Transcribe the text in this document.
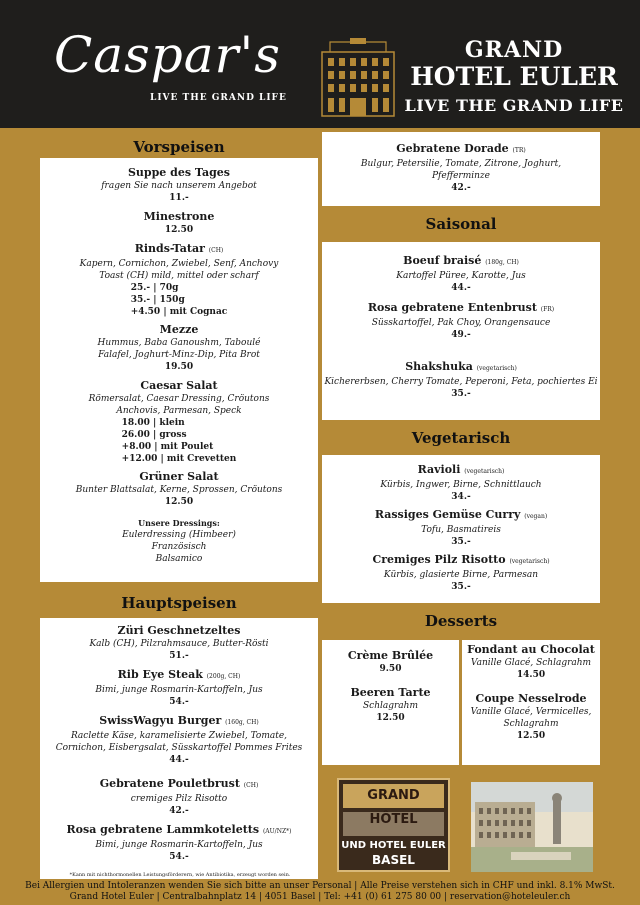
Caspar's
LIVE THE GRAND LIFE
GRAND
HOTEL EULER
LIVE THE GRAND LIFE
Vorspeisen
Suppe des Tages
fragen Sie nach unserem Angebot
11.-
Minestrone
12.50
Rinds-Tatar (CH)
Kapern, Cornichon, Zwiebel, Senf, Anchovy
Toast (CH) mild, mittel oder scharf
25.- | 70g
35.- | 150g
+4.50 | mit Cognac
Mezze
Hummus, Baba Ganoushm, Taboulé
Falafel, Joghurt-Minz-Dip, Pita Brot
19.50
Caesar Salat
Römersalat, Caesar Dressing, Cröutons
Anchovis, Parmesan, Speck
18.00 | klein
26.00 | gross
+8.00 | mit Poulet
+12.00 | mit Crevetten
Grüner Salat
Bunter Blattsalat, Kerne, Sprossen, Cröutons
12.50
Unsere Dressings:
Eulerdressing (Himbeer)
Französisch
Balsamico
Hauptspeisen
Züri Geschnetzeltes
Kalb (CH), Pilzrahmsauce, Butter-Rösti
51.-
Rib Eye Steak (200g, CH)
Bimi, junge Rosmarin-Kartoffeln, Jus
54.-
SwissWagyu Burger (160g, CH)
Raclette Käse, karamelisierte Zwiebel, Tomate,
Cornichon, Eisbergsalat, Süsskartoffel Pommes Frites
44.-
Gebratene Pouletbrust (CH)
cremiges Pilz Risotto
42.-
Rosa gebratene Lammkoteletts (AU/NZ*)
Bimi, junge Rosmarin-Kartoffeln, Jus
54.-
*Kann mit nichthormonellen Leistungsförderern, wie Antibiotika, erzeugt worden sein.
Gebratene Dorade (TR)
Bulgur, Petersilie, Tomate, Zitrone, Joghurt,
Pfefferminze
42.-
Saisonal
Boeuf braisé (180g, CH)
Kartoffel Püree, Karotte, Jus
44.-
Rosa gebratene Entenbrust (FR)
Süsskartoffel, Pak Choy, Orangensauce
49.-
Shakshuka (vegetarisch)
Kichererbsen, Cherry Tomate, Peperoni, Feta, pochiertes Ei
35.-
Vegetarisch
Ravioli (vegetarisch)
Kürbis, Ingwer, Birne, Schnittlauch
34.-
Rassiges Gemüse Curry (vegan)
Tofu, Basmatireis
35.-
Cremiges Pilz Risotto (vegetarisch)
Kürbis, glasierte Birne, Parmesan
35.-
Desserts
Crème Brûlée
9.50
Beeren Tarte
Schlagrahm
12.50
Fondant au Chocolat
Vanille Glacé, Schlagrahm
14.50
Coupe Nesselrode
Vanille Glacé, Vermicelles,
Schlagrahm
12.50
GRAND HÔTEL
UND HOTEL EULER
BASEL
Bei Allergien und Intoleranzen wenden Sie sich bitte an unser Personal | Alle Preise verstehen sich in CHF und inkl. 8.1% MwSt.
Grand Hotel Euler | Centralbahnplatz 14 | 4051 Basel | Tel: +41 (0) 61 275 80 00 | reservation@hoteleuler.ch
